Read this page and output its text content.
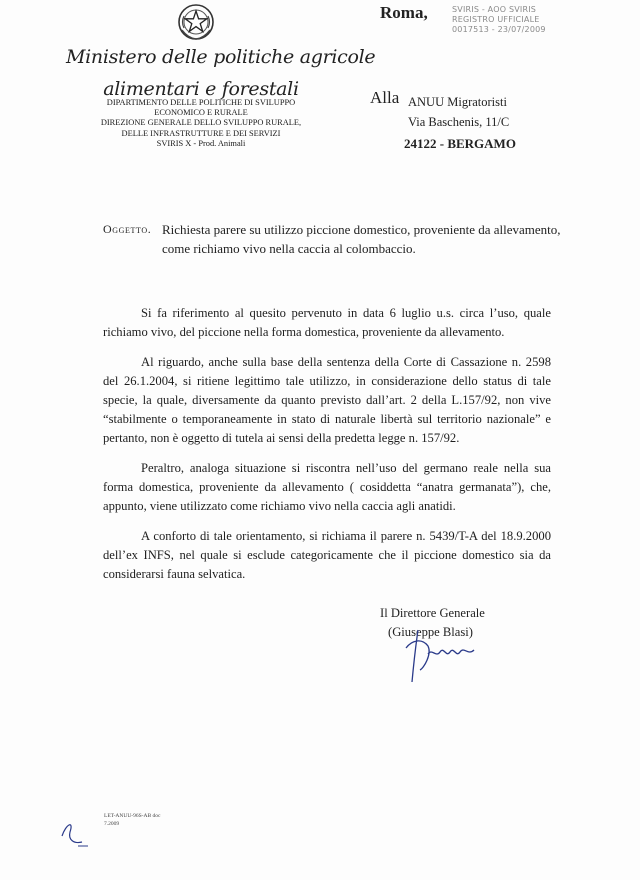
Ministero delle politiche agricole
alimentari e forestali
DIPARTIMENTO DELLE POLITICHE DI SVILUPPO
ECONOMICO E RURALE
DIREZIONE GENERALE DELLO SVILUPPO RURALE,
DELLE INFRASTRUTTURE E DEI SERVIZI
SVIRIS X - Prod. Animali
Roma,	SVIRIS - AOO SVIRIS
REGISTRO UFFICIALE
0017513 - 23/07/2009
Alla ANUU Migratoristi
Via Baschenis, 11/C
24122 - BERGAMO
Oggetto. Richiesta parere su utilizzo piccione domestico, proveniente da allevamento,
come richiamo vivo nella caccia al colombaccio.

Si fa riferimento al quesito pervenuto in data 6 luglio u.s. circa l’uso, quale richiamo vivo, del piccione nella forma domestica, proveniente da allevamento.

Al riguardo, anche sulla base della sentenza della Corte di Cassazione n. 2598 del 26.1.2004, si ritiene legittimo tale utilizzo, in considerazione dello status di tale specie, la quale, diversamente da quanto previsto dall’art. 2 della L.157/92, non vive “stabilmente o temporaneamente in stato di naturale libertà sul territorio nazionale” e pertanto, non è oggetto di tutela ai sensi della predetta legge n. 157/92.

Peraltro, analoga situazione si riscontra nell’uso del germano reale nella sua forma domestica, proveniente da allevamento ( cosiddetta “anatra germanata”), che, appunto, viene utilizzato come richiamo vivo nella caccia agli anatidi.

A conforto di tale orientamento, si richiama il parere n. 5439/T-A del 18.9.2000 dell’ex INFS, nel quale si esclude categoricamente che il piccione domestico sia da considerarsi fauna selvatica.

Il Direttore Generale
(Giuseppe Blasi)
LET-ANUU-96S-AB doc
7.2009
